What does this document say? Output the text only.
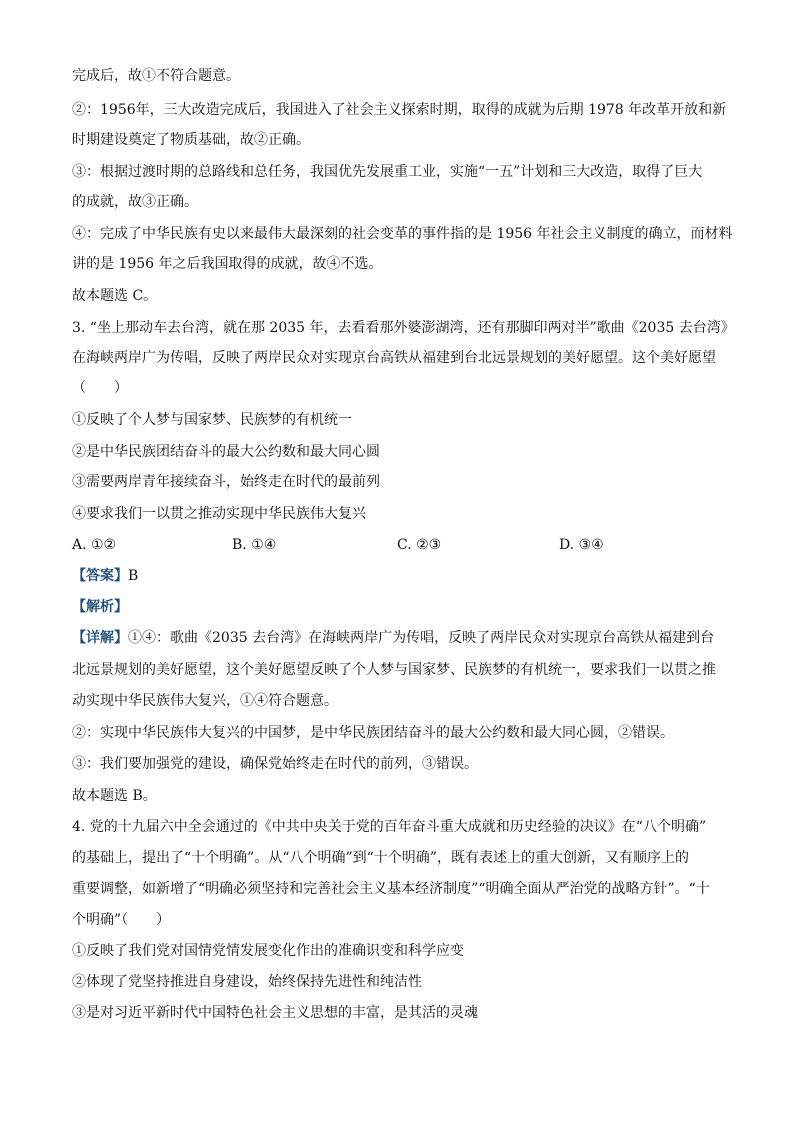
完成后，故①不符合题意。
②：1956年，三大改造完成后，我国进入了社会主义探索时期，取得的成就为后期 1978 年改革开放和新
时期建设奠定了物质基础，故②正确。
③：根据过渡时期的总路线和总任务，我国优先发展重工业，实施“一五”计划和三大改造，取得了巨大
的成就，故③正确。
④：完成了中华民族有史以来最伟大最深刻的社会变革的事件指的是 1956 年社会主义制度的确立，而材料
讲的是 1956 年之后我国取得的成就，故④不选。
故本题选 C。
3. “坐上那动车去台湾，就在那 2035 年，去看看那外婆澎湖湾，还有那脚印两对半”歌曲《2035 去台湾》
在海峡两岸广为传唱，反映了两岸民众对实现京台高铁从福建到台北远景规划的美好愿望。这个美好愿望
（　　）
①反映了个人梦与国家梦、民族梦的有机统一
②是中华民族团结奋斗的最大公约数和最大同心圆
③需要两岸青年接续奋斗，始终走在时代的最前列
④要求我们一以贯之推动实现中华民族伟大复兴
A. ①②	B. ①④	C. ②③	D. ③④
【答案】B
【解析】
【详解】①④：歌曲《2035 去台湾》在海峡两岸广为传唱，反映了两岸民众对实现京台高铁从福建到台
北远景规划的美好愿望，这个美好愿望反映了个人梦与国家梦、民族梦的有机统一，要求我们一以贯之推
动实现中华民族伟大复兴，①④符合题意。
②：实现中华民族伟大复兴的中国梦，是中华民族团结奋斗的最大公约数和最大同心圆，②错误。
③：我们要加强党的建设，确保党始终走在时代的前列，③错误。
故本题选 B。
4. 党的十九届六中全会通过的《中共中央关于党的百年奋斗重大成就和历史经验的决议》在“八个明确”
的基础上，提出了“十个明确”。从“八个明确”到“十个明确”，既有表述上的重大创新，又有顺序上的
重要调整，如新增了“明确必须坚持和完善社会主义基本经济制度”“明确全面从严治党的战略方针”。“十
个明确”（　　）
①反映了我们党对国情党情发展变化作出的准确识变和科学应变
②体现了党坚持推进自身建设，始终保持先进性和纯洁性
③是对习近平新时代中国特色社会主义思想的丰富，是其活的灵魂
